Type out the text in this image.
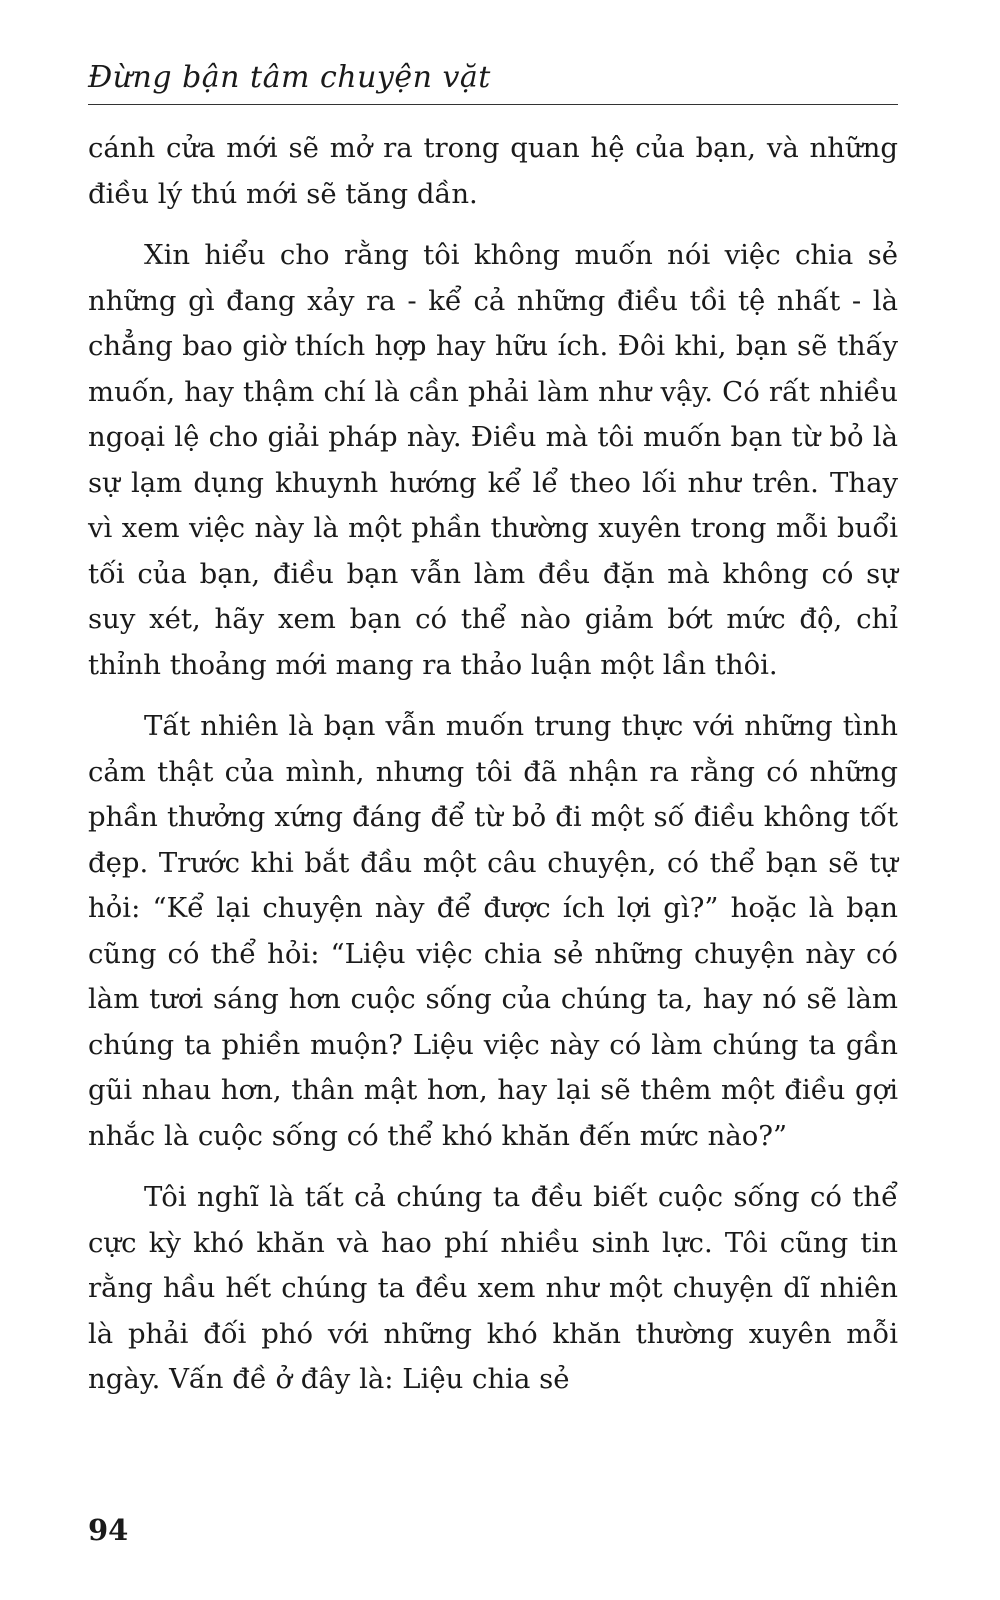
Đừng bận tâm chuyện vặt

cánh cửa mới sẽ mở ra trong quan hệ của bạn, và những điều lý thú mới sẽ tăng dần.

Xin hiểu cho rằng tôi không muốn nói việc chia sẻ những gì đang xảy ra - kể cả những điều tồi tệ nhất - là chẳng bao giờ thích hợp hay hữu ích. Đôi khi, bạn sẽ thấy muốn, hay thậm chí là cần phải làm như vậy. Có rất nhiều ngoại lệ cho giải pháp này. Điều mà tôi muốn bạn từ bỏ là sự lạm dụng khuynh hướng kể lể theo lối như trên. Thay vì xem việc này là một phần thường xuyên trong mỗi buổi tối của bạn, điều bạn vẫn làm đều đặn mà không có sự suy xét, hãy xem bạn có thể nào giảm bớt mức độ, chỉ thỉnh thoảng mới mang ra thảo luận một lần thôi.

Tất nhiên là bạn vẫn muốn trung thực với những tình cảm thật của mình, nhưng tôi đã nhận ra rằng có những phần thưởng xứng đáng để từ bỏ đi một số điều không tốt đẹp. Trước khi bắt đầu một câu chuyện, có thể bạn sẽ tự hỏi: “Kể lại chuyện này để được ích lợi gì?” hoặc là bạn cũng có thể hỏi: “Liệu việc chia sẻ những chuyện này có làm tươi sáng hơn cuộc sống của chúng ta, hay nó sẽ làm chúng ta phiền muộn? Liệu việc này có làm chúng ta gần gũi nhau hơn, thân mật hơn, hay lại sẽ thêm một điều gợi nhắc là cuộc sống có thể khó khăn đến mức nào?”

Tôi nghĩ là tất cả chúng ta đều biết cuộc sống có thể cực kỳ khó khăn và hao phí nhiều sinh lực. Tôi cũng tin rằng hầu hết chúng ta đều xem như một chuyện dĩ nhiên là phải đối phó với những khó khăn thường xuyên mỗi ngày. Vấn đề ở đây là: Liệu chia sẻ

94
